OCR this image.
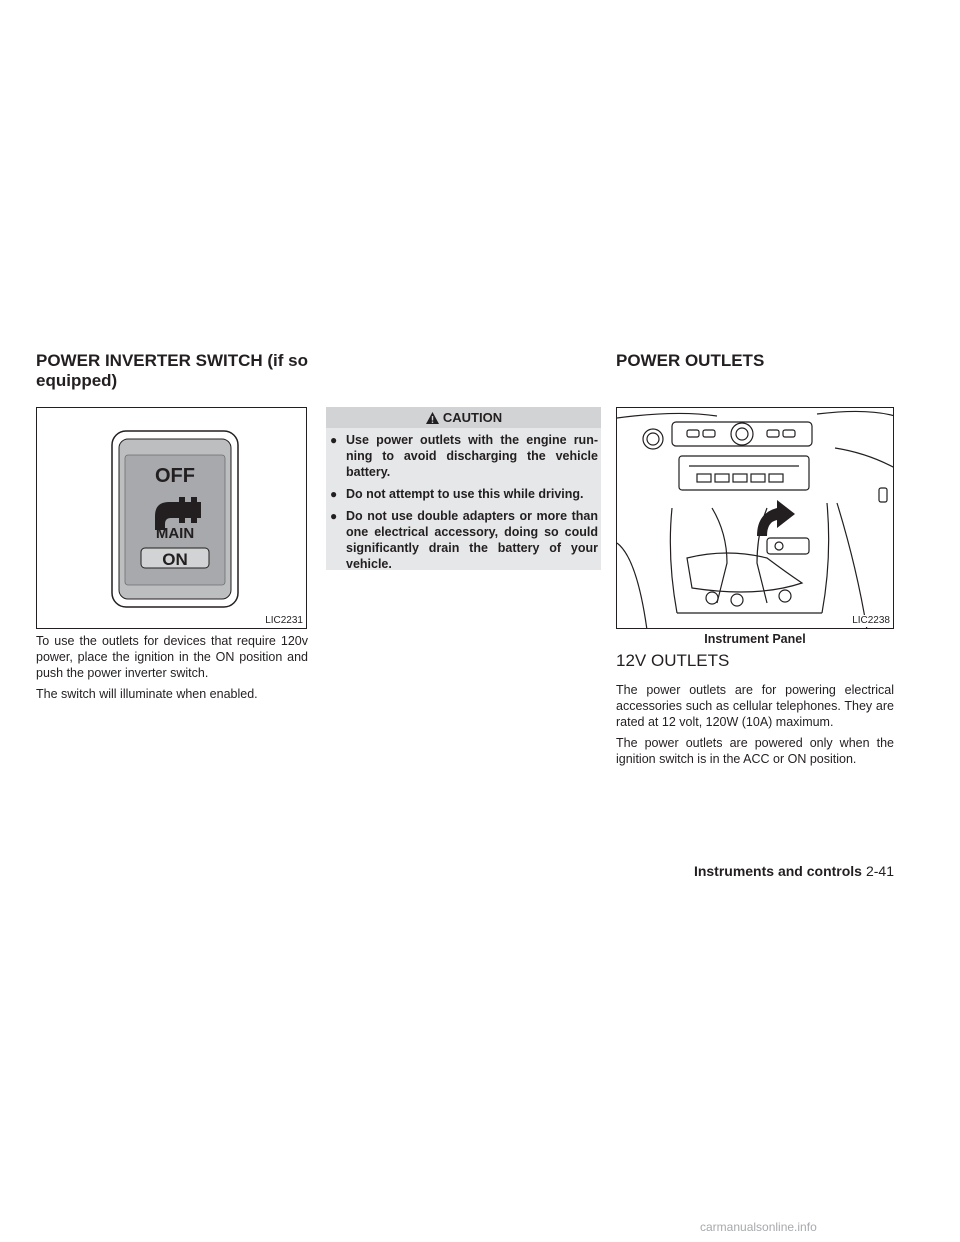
POWER INVERTER SWITCH (if so equipped)
POWER OUTLETS
OFF
MAIN
ON
LIC2231

To use the outlets for devices that require 120v power, place the ignition in the ON position and push the power inverter switch.

The switch will illuminate when enabled.

CAUTION
● Use power outlets with the engine run-ning to avoid discharging the vehicle battery.
● Do not attempt to use this while driving.
● Do not use double adapters or more than one electrical accessory, doing so could significantly drain the battery of your vehicle.
LIC2238
Instrument Panel
12V OUTLETS

The power outlets are for powering electrical accessories such as cellular telephones. They are rated at 12 volt, 120W (10A) maximum.

The power outlets are powered only when the ignition switch is in the ACC or ON position.

Instruments and controls 2-41
carmanualsonline.info
